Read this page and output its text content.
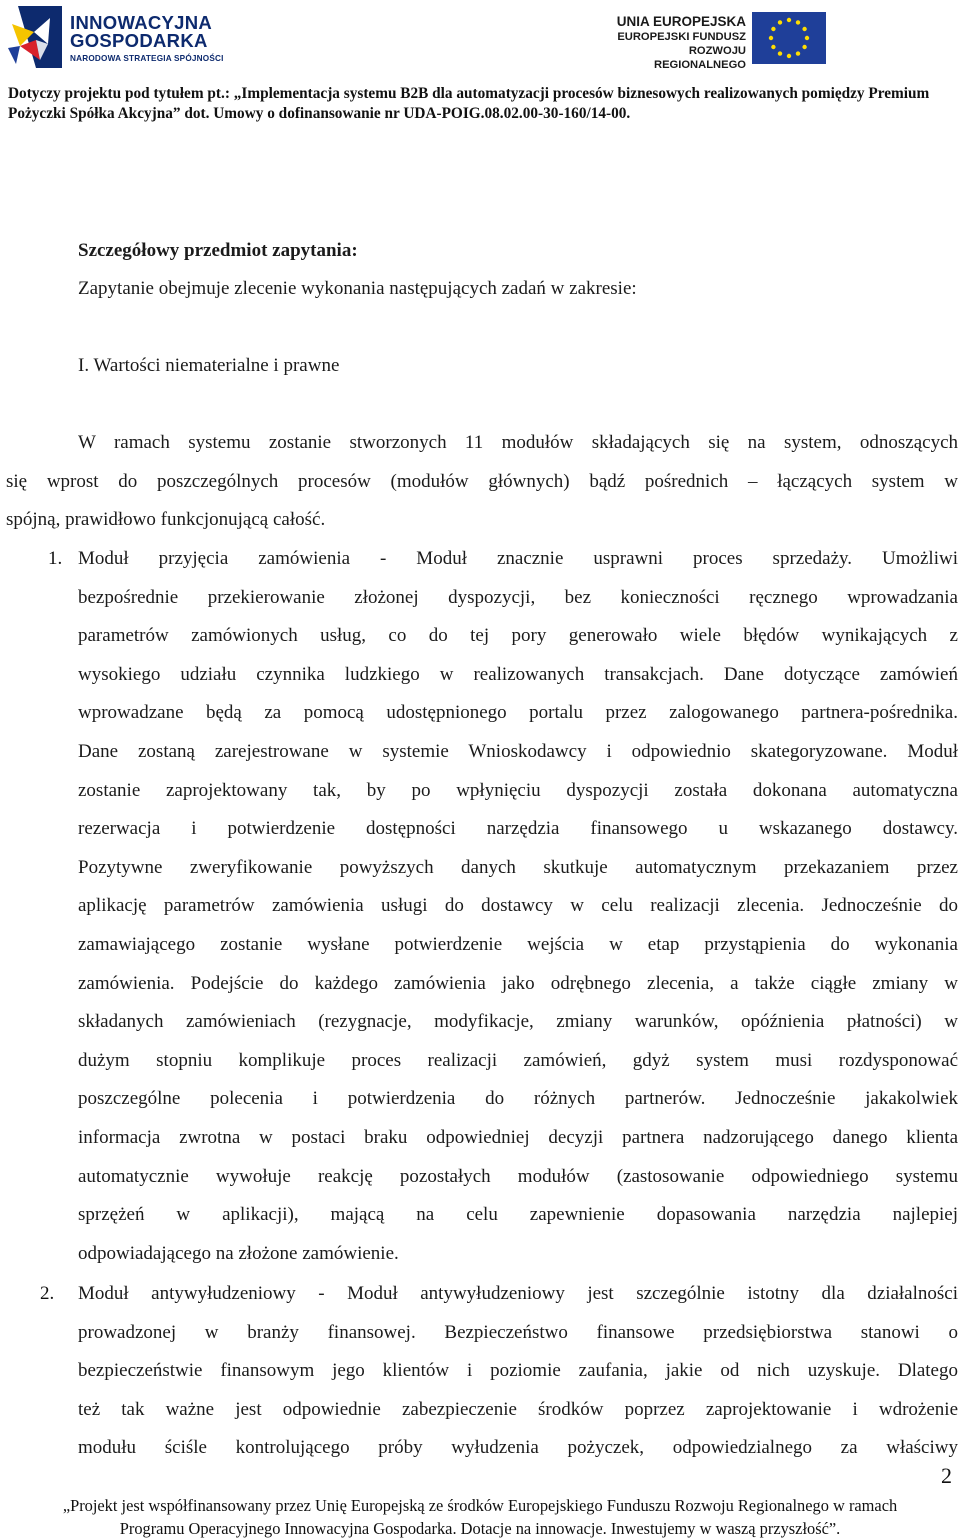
INNOWACYJNA
GOSPODARKA
NARODOWA STRATEGIA SPÓJNOŚCI
UNIA EUROPEJSKA
EUROPEJSKI FUNDUSZ
ROZWOJU REGIONALNEGO
Dotyczy projektu pod tytułem pt.: „Implementacja systemu B2B dla automatyzacji procesów biznesowych realizowanych pomiędzy Premium
Pożyczki Spółka Akcyjna” dot. Umowy o dofinansowanie nr UDA-POIG.08.02.00-30-160/14-00.
Szczegółowy przedmiot zapytania:
Zapytanie obejmuje zlecenie wykonania następujących zadań w zakresie:
I. Wartości niematerialne i prawne
W ramach systemu zostanie stworzonych 11 modułów składających się na system, odnoszących
się wprost do poszczególnych procesów (modułów głównych) bądź pośrednich – łączących system w
spójną, prawidłowo funkcjonującą całość.
1. Moduł przyjęcia zamówienia - Moduł znacznie usprawni proces sprzedaży. Umożliwi
bezpośrednie przekierowanie złożonej dyspozycji, bez konieczności ręcznego wprowadzania
parametrów zamówionych usług, co do tej pory generowało wiele błędów wynikających z
wysokiego udziału czynnika ludzkiego w realizowanych transakcjach. Dane dotyczące zamówień
wprowadzane będą za pomocą udostępnionego portalu przez zalogowanego partnera-pośrednika.
Dane zostaną zarejestrowane w systemie Wnioskodawcy i odpowiednio skategoryzowane. Moduł
zostanie zaprojektowany tak, by po wpłynięciu dyspozycji została dokonana automatyczna
rezerwacja i potwierdzenie dostępności narzędzia finansowego u wskazanego dostawcy.
Pozytywne zweryfikowanie powyższych danych skutkuje automatycznym przekazaniem przez
aplikację parametrów zamówienia usługi do dostawcy w celu realizacji zlecenia. Jednocześnie do
zamawiającego zostanie wysłane potwierdzenie wejścia w etap przystąpienia do wykonania
zamówienia. Podejście do każdego zamówienia jako odrębnego zlecenia, a także ciągłe zmiany w
składanych zamówieniach (rezygnacje, modyfikacje, zmiany warunków, opóźnienia płatności) w
dużym stopniu komplikuje proces realizacji zamówień, gdyż system musi rozdysponować
poszczególne polecenia i potwierdzenia do różnych partnerów. Jednocześnie jakakolwiek
informacja zwrotna w postaci braku odpowiedniej decyzji partnera nadzorującego danego klienta
automatycznie wywołuje reakcję pozostałych modułów (zastosowanie odpowiedniego systemu
sprzężeń w aplikacji), mającą na celu zapewnienie dopasowania narzędzia najlepiej
odpowiadającego na złożone zamówienie.
2. Moduł antywyłudzeniowy - Moduł antywyłudzeniowy jest szczególnie istotny dla działalności
prowadzonej w branży finansowej. Bezpieczeństwo finansowe przedsiębiorstwa stanowi o
bezpieczeństwie finansowym jego klientów i poziomie zaufania, jakie od nich uzyskuje. Dlatego
też tak ważne jest odpowiednie zabezpieczenie środków poprzez zaprojektowanie i wdrożenie
modułu ściśle kontrolującego próby wyłudzenia pożyczek, odpowiedzialnego za właściwy
2
„Projekt jest współfinansowany przez Unię Europejską ze środków Europejskiego Funduszu Rozwoju Regionalnego w ramach
Programu Operacyjnego Innowacyjna Gospodarka. Dotacje na innowacje. Inwestujemy w waszą przyszłość”.
